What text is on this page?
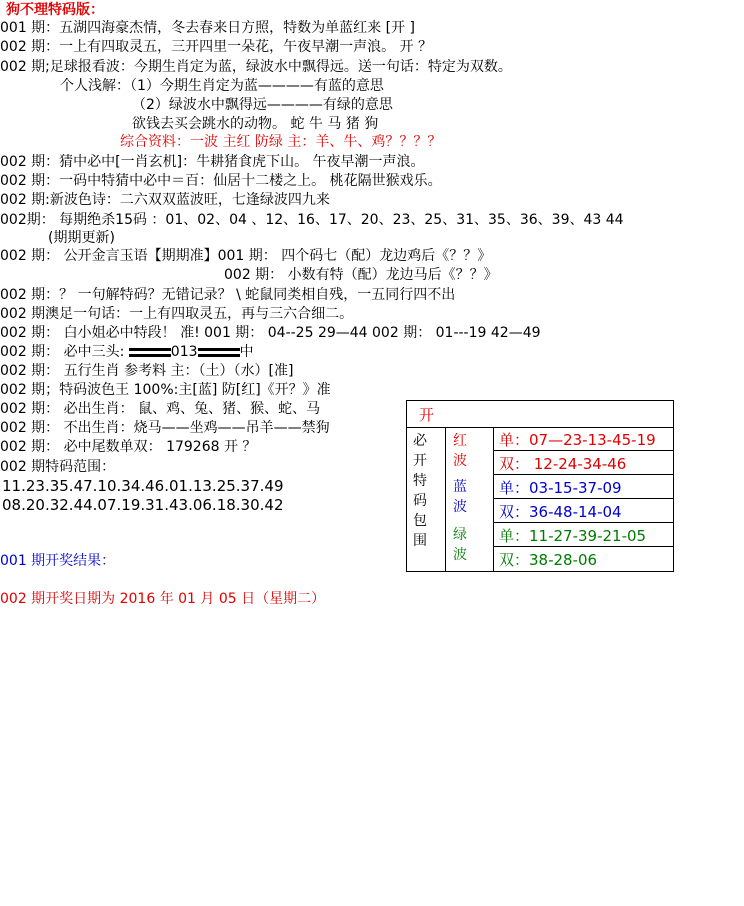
狗不理特码版：
001 期：五湖四海豪杰情，冬去春来日方照，特数为单蓝红来 [开 ]
002 期：一上有四取灵五，三开四里一朵花，午夜早潮一声浪。 开 ？
002 期;足球报看波：今期生肖定为蓝，绿波水中飘得远。送一句话：特定为双数。
个人浅解：（1）今期生肖定为蓝————有蓝的意思
（2）绿波水中飘得远————有绿的意思
欲钱去买会跳水的动物。 蛇 牛 马 猪 狗
综合资料：一波 主红 防绿 主：羊、牛、鸡？？？？
002 期：猜中必中[一肖玄机]：牛耕猪食虎下山。 午夜早潮一声浪。
002 期：一码中特猜中必中＝百：仙居十二楼之上。 桃花隔世猴戏乐。
002 期:新波色诗：二六双双蓝波旺，七逢绿波四九来
002期： 每期绝杀15码 ：01、02、04 、12、16、17、20、23、25、31、35、36、39、43 44
(期期更新)
002 期： 公开金言玉语【期期准】001 期： 四个码七（配）龙边鸡后《？？》
002 期： 小数有特（配）龙边马后《？？》
002 期：？ 一句解特码？无错记录？ \ 蛇鼠同类相自残，一五同行四不出
002 期澳足一句话：一上有四取灵五，再与三六合细二。
002 期： 白小姐必中特段！ 准! 001 期： 04--25 29—44 002 期： 01---19 42—49
002 期： 必中三头:	013	中
002 期： 五行生肖 参考料 主：（土）（水）[准]
002 期；特码波色王 100%:主[蓝] 防[红]《开？》准
002 期： 必出生肖： 鼠、鸡、兔、猪、猴、蛇、马
002 期： 不出生肖：烧马——坐鸡——吊羊——禁狗
002 期： 必中尾数单双： 179268 开 ？
002 期特码范围：
11.23.35.47.10.34.46.01.13.25.37.49
08.20.32.44.07.19.31.43.06.18.30.42
001 期开奖结果：
002 期开奖日期为 2016 年 01 月 05 日（星期二）
开
必开特码包围
红波
蓝波
绿波
单：07—23-13-45-19
双： 12-24-34-46
单：03-15-37-09
双：36-48-14-04
单：11-27-39-21-05
双：38-28-06
